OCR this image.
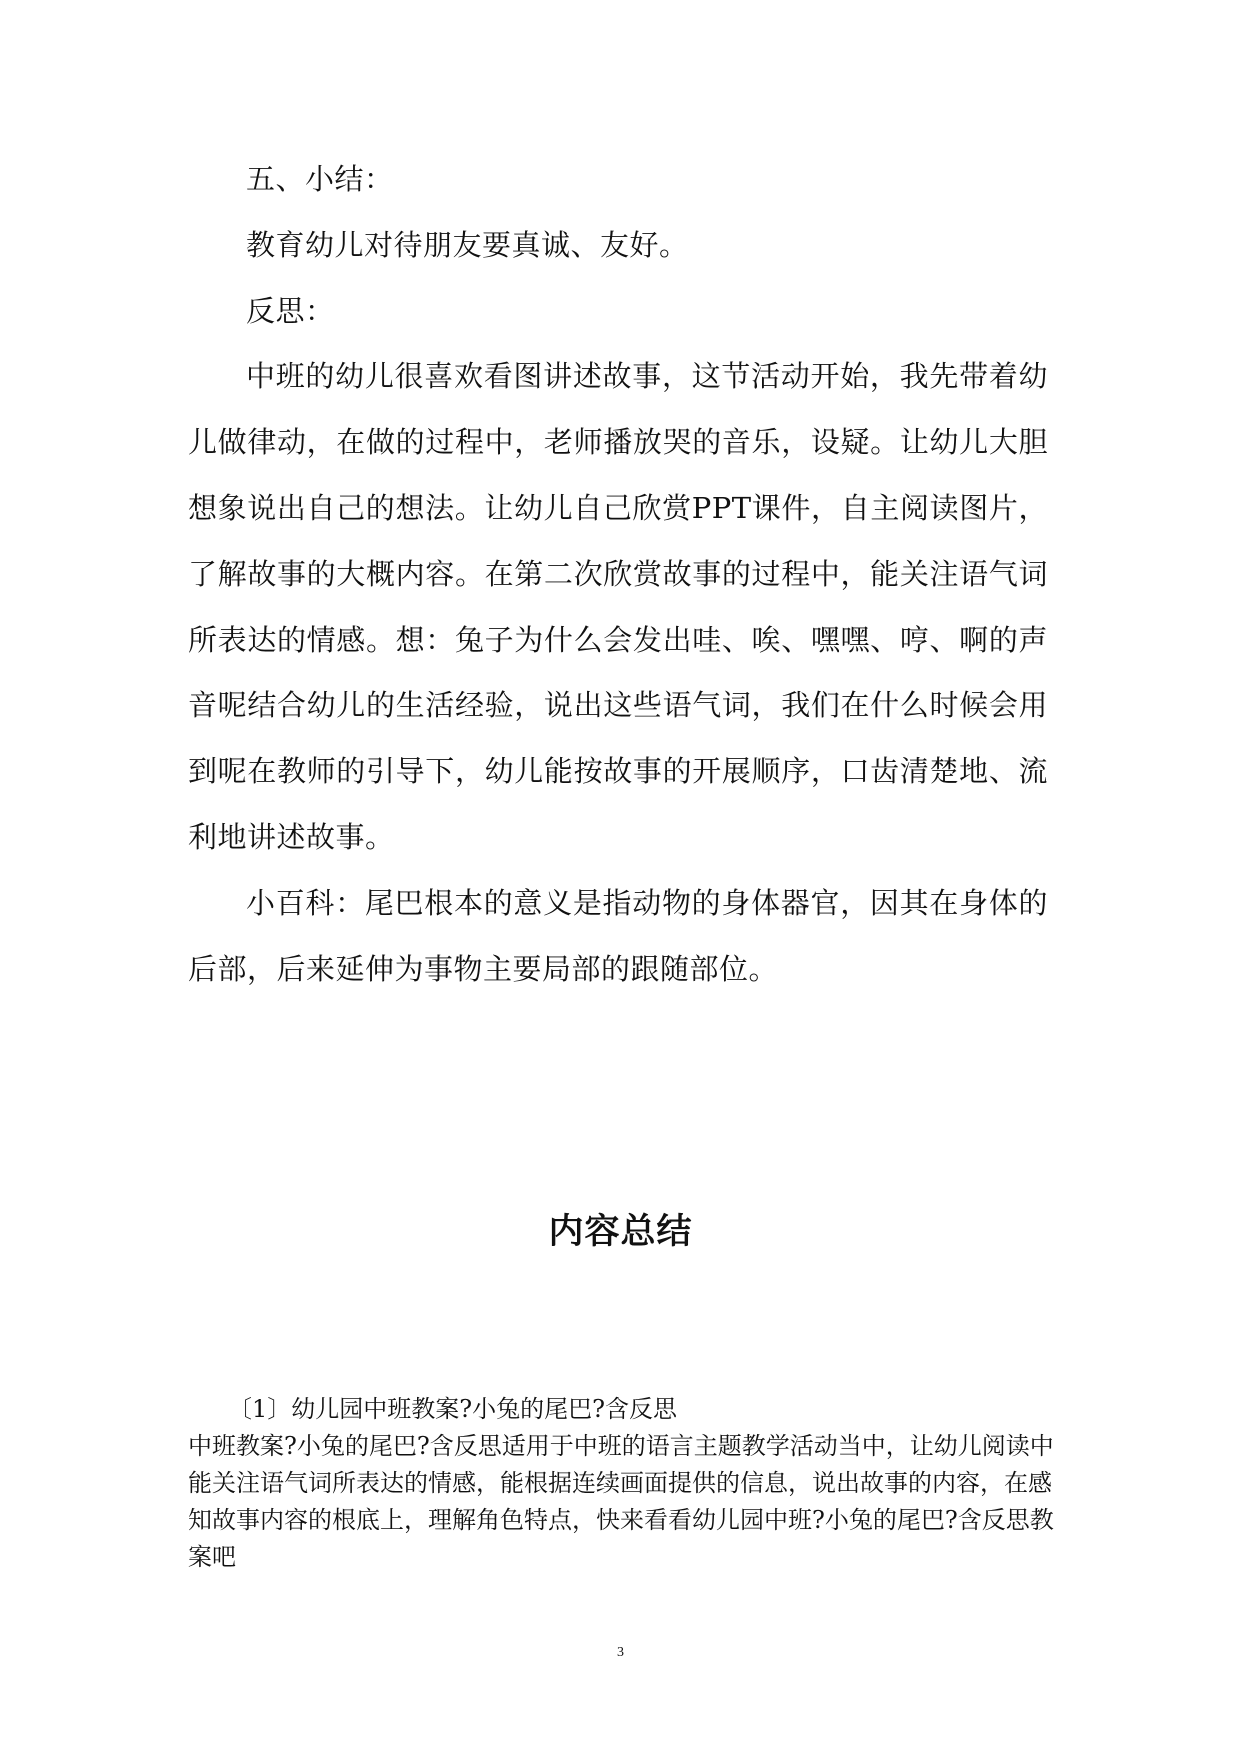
五、小结：

教育幼儿对待朋友要真诚、友好。

反思：

中班的幼儿很喜欢看图讲述故事，这节活动开始，我先带着幼儿做律动，在做的过程中，老师播放哭的音乐，设疑。让幼儿大胆想象说出自己的想法。让幼儿自己欣赏PPT课件，自主阅读图片，了解故事的大概内容。在第二次欣赏故事的过程中，能关注语气词所表达的情感。想：兔子为什么会发出哇、唉、嘿嘿、哼、啊的声音呢结合幼儿的生活经验，说出这些语气词，我们在什么时候会用到呢在教师的引导下，幼儿能按故事的开展顺序，口齿清楚地、流利地讲述故事。

小百科：尾巴根本的意义是指动物的身体器官，因其在身体的后部，后来延伸为事物主要局部的跟随部位。

内容总结

〔1〕幼儿园中班教案?小兔的尾巴?含反思

中班教案?小兔的尾巴?含反思适用于中班的语言主题教学活动当中，让幼儿阅读中能关注语气词所表达的情感，能根据连续画面提供的信息，说出故事的内容，在感知故事内容的根底上，理解角色特点，快来看看幼儿园中班?小兔的尾巴?含反思教案吧

3
